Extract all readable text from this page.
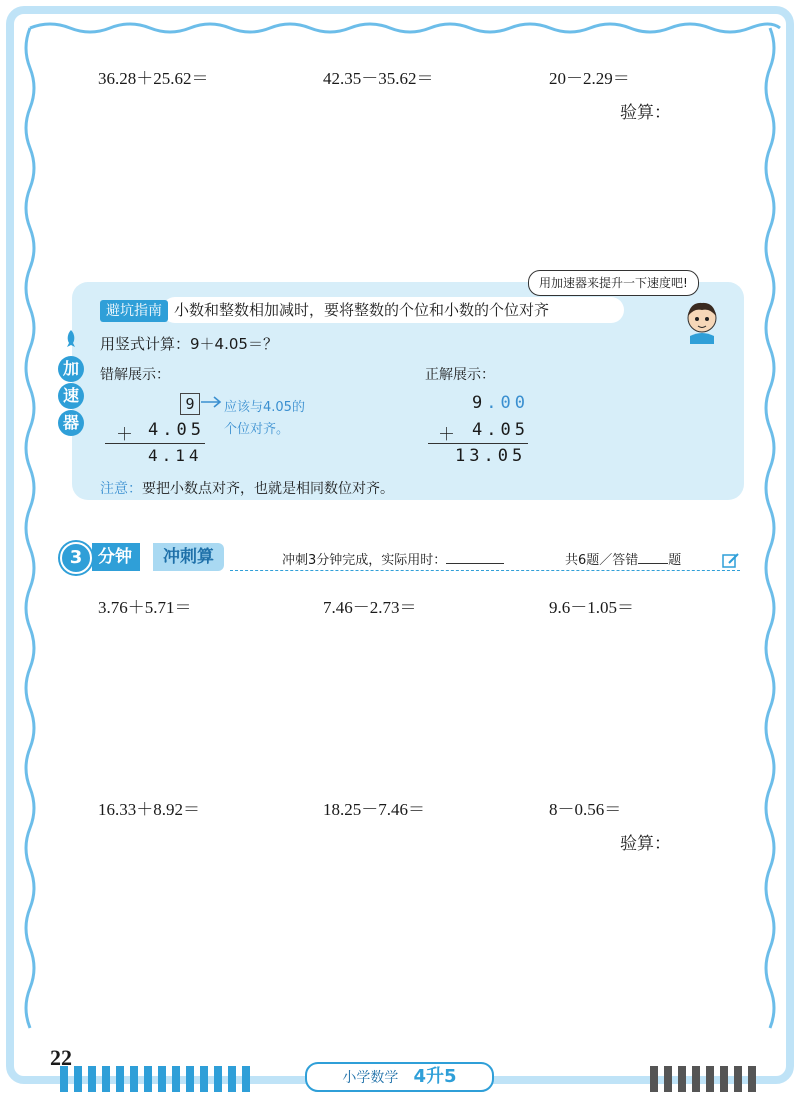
36.28＋25.62＝	42.35－35.62＝	20－2.29＝
验算：
加
速
器
用加速器来提升一下速度吧!
小数和整数相加减时，要将整数的个位和小数的个位对齐
避坑指南
用竖式计算：9＋4.05＝？
错解展示：	正解展示：
9	应该与4.05的
个位对齐。
＋ 4.05
4.14
9.00
＋ 4.05
13.05
注意：要把小数点对齐，也就是相同数位对齐。
冲刺算
分钟
3	冲刺3分钟完成，实际用时：	共6题／答错 题
3.76＋5.71＝	7.46－2.73＝	9.6－1.05＝
16.33＋8.92＝	18.25－7.46＝	8－0.56＝
验算：
22
小学数学 4升5
